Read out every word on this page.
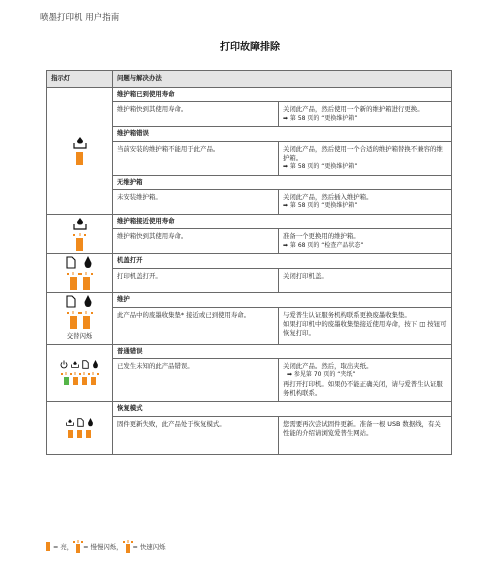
喷墨打印机 用户指南
打印故障排除
指示灯	问题与解决办法	

	维护箱已到使用寿命	
	维护箱快到其使用寿命。	关闭此产品，然后使用一个新的维护箱进行更换。
➡ 第 58 页的 “更换维护箱”

	维护箱错误	
	当前安装的维护箱不能用于此产品。	关闭此产品，然后使用一个合适的维护箱替换不兼容的维护箱。
➡ 第 58 页的 “更换维护箱”

	无维护箱	
	未安装维护箱。	关闭此产品，然后插入维护箱。
➡ 第 58 页的 “更换维护箱”

	维护箱接近使用寿命	
	维护箱快到其使用寿命。	准备一个更换用的维护箱。
➡ 第 68 页的 “检查产品状态”

	机盖打开	
	打印机盖打开。	关闭打印机盖。

交替闪烁	维护	
	此产品中的废墨收集垫* 接近或已到使用寿命。	与爱普生认证服务机构联系更换废墨收集垫。
如果打印机中的废墨收集垫接近使用寿命，按下 ◫ 按钮可恢复打印。

	普通错误	
	已发生未知的此产品错误。	关闭此产品。然后，取出夹纸。
➡ 参见第 70 页的 “夹纸”
再打开打印机。如果仍不能正确关闭，请与爱普生认证服务机构联系。

	恢复模式	
	固件更新失败，此产品处于恢复模式。	您需要再次尝试固件更新。准备一根 USB 数据线，有关性能的介绍请浏览爱普生网站。
= 亮， = 慢慢闪烁， = 快速闪烁
